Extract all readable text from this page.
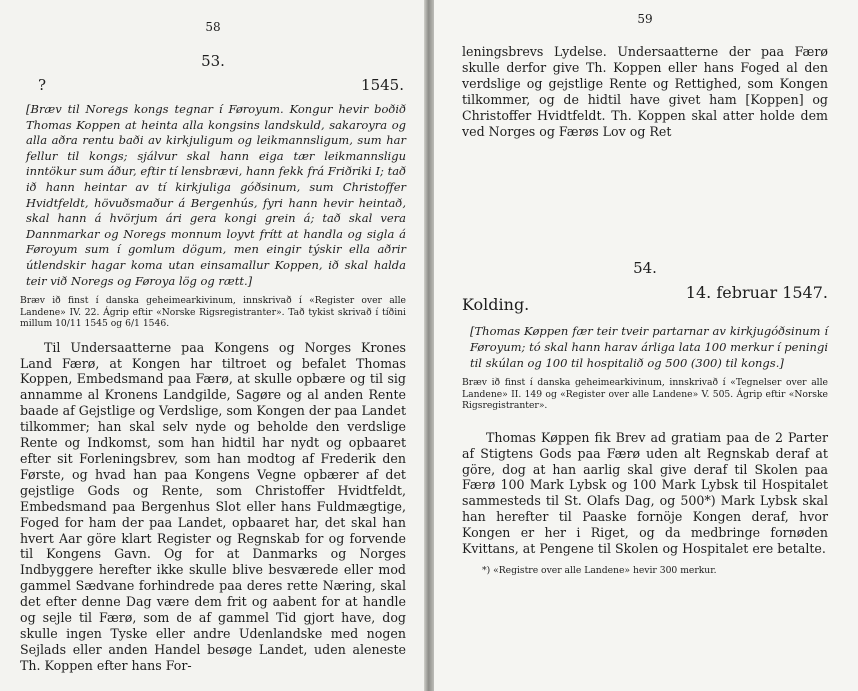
58
53.
?	1545.

[Bræv til Noregs kongs tegnar í Føroyum. Kongur hevir boðið Thomas Koppen at heinta alla kongsins landskuld, sakaroyra og alla aðra rentu baði av kirkjuligum og leikmannsligum, sum har fellur til kongs; sjálvur skal hann eiga tær leikmannsligu inntökur sum áður, eftir tí lensbrævi, hann fekk frá Friðriki I; tað ið hann heintar av tí kirkjuliga góðsinum, sum Christoffer Hvidtfeldt, hövuðsmaður á Bergenhús, fyri hann hevir heintað, skal hann á hvörjum ári gera kongi grein á; tað skal vera Dannmarkar og Noregs monnum loyvt frítt at handla og sigla á Føroyum sum í gomlum dögum, men eingir týskir ella aðrir útlendskir hagar koma utan einsamallur Koppen, ið skal halda teir við Noregs og Føroya lög og rætt.]

Bræv ið finst í danska geheimearkivinum, innskrivað í «Register over alle Landene» IV. 22. Ágrip eftir «Norske Rigsregistranter». Tað tykist skrivað í tíðini millum 10/11 1545 og 6/1 1546.

Til Undersaatterne paa Kongens og Norges Krones Land Færø, at Kongen har tiltroet og befalet Thomas Koppen, Embedsmand paa Færø, at skulle opbære og til sig annamme al Kronens Landgilde, Sagøre og al anden Rente baade af Gejstlige og Verdslige, som Kongen der paa Landet tilkommer; han skal selv nyde og beholde den verdslige Rente og Indkomst, som han hidtil har nydt og opbaaret efter sit Forleningsbrev, som han modtog af Frederik den Første, og hvad han paa Kongens Vegne opbærer af det gejstlige Gods og Rente, som Christoffer Hvidtfeldt, Embedsmand paa Bergenhus Slot eller hans Fuldmægtige, Foged for ham der paa Landet, opbaaret har, det skal han hvert Aar göre klart Register og Regnskab for og forvende til Kongens Gavn. Og for at Danmarks og Norges Indbyggere herefter ikke skulle blive besværede eller mod gammel Sædvane forhindrede paa deres rette Næring, skal det efter denne Dag være dem frit og aabent for at handle og sejle til Færø, som de af gammel Tid gjort have, dog skulle ingen Tyske eller andre Udenlandske med nogen Sejlads eller anden Handel besøge Landet, uden aleneste Th. Koppen efter hans For-

59

leningsbrevs Lydelse. Undersaatterne der paa Færø skulle derfor give Th. Koppen eller hans Foged al den verdslige og gejstlige Rente og Rettighed, som Kongen tilkommer, og de hidtil have givet ham [Koppen] og Christoffer Hvidtfeldt. Th. Koppen skal atter holde dem ved Norges og Færøs Lov og Ret

54.
Kolding.
14. februar 1547.

[Thomas Køppen fær teir tveir partarnar av kirkjugóðsinum í Føroyum; tó skal hann harav árliga lata 100 merkur í peningi til skúlan og 100 til hospitalið og 500 (300) til kongs.]

Bræv ið finst í danska geheimearkivinum, innskrivað í «Tegnelser over alle Landene» II. 149 og «Register over alle Landene» V. 505. Ágrip eftir «Norske Rigsregistranter».

Thomas Køppen fik Brev ad gratiam paa de 2 Parter af Stigtens Gods paa Færø uden alt Regnskab deraf at göre, dog at han aarlig skal give deraf til Skolen paa Færø 100 Mark Lybsk og 100 Mark Lybsk til Hospitalet sammesteds til St. Olafs Dag, og 500*) Mark Lybsk skal han herefter til Paaske fornöje Kongen deraf, hvor Kongen er her i Riget, og da medbringe fornøden Kvittans, at Pengene til Skolen og Hospitalet ere betalte.

*) «Registre over alle Landene» hevir 300 merkur.
